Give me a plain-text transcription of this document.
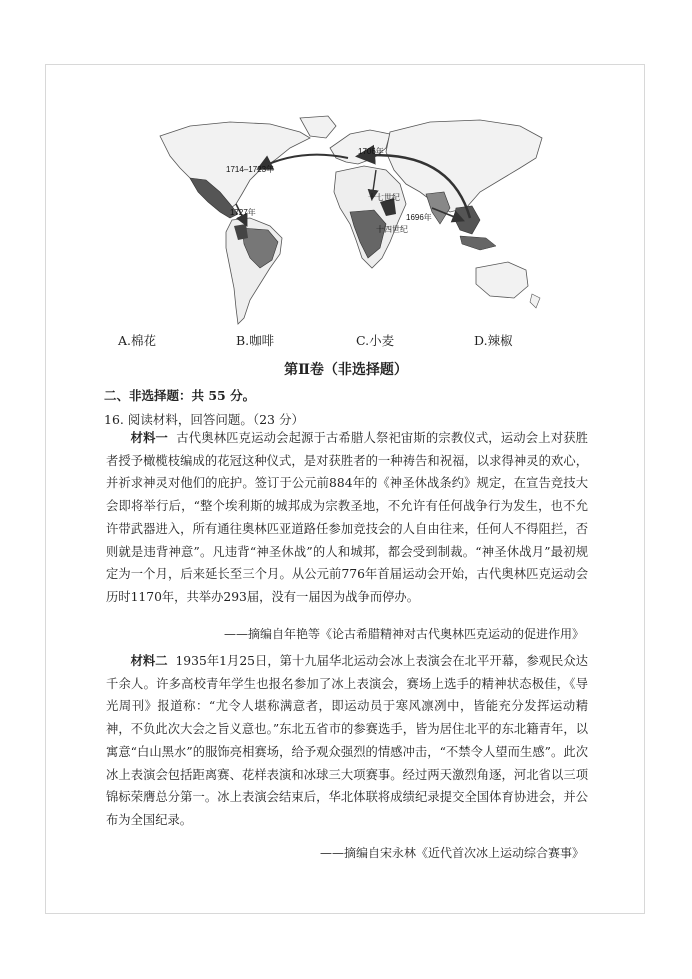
1706年
1714–1723年
1727年
十七世纪
十四世纪
1696年
A.棉花	B.咖啡	C.小麦	D.辣椒
第Ⅱ卷（非选择题）
二、非选择题：共 55 分。
16. 阅读材料，回答问题。（23 分）
材料一 古代奥林匹克运动会起源于古希腊人祭祀宙斯的宗教仪式，运动会上对获胜者授予橄榄枝编成的花冠这种仪式，是对获胜者的一种祷告和祝福，以求得神灵的欢心，并祈求神灵对他们的庇护。签订于公元前884年的《神圣休战条约》规定，在宣告竞技大会即将举行后，“整个埃利斯的城邦成为宗教圣地，不允许有任何战争行为发生，也不允许带武器进入，所有通往奥林匹亚道路任参加竞技会的人自由往来，任何人不得阻拦，否则就是违背神意”。凡违背“神圣休战”的人和城邦，都会受到制裁。“神圣休战月”最初规定为一个月，后来延长至三个月。从公元前776年首届运动会开始，古代奥林匹克运动会历时1170年，共举办293届，没有一届因为战争而停办。
——摘编自年艳等《论古希腊精神对古代奥林匹克运动的促进作用》
材料二 1935年1月25日，第十九届华北运动会冰上表演会在北平开幕，参观民众达千余人。许多高校青年学生也报名参加了冰上表演会，赛场上选手的精神状态极佳，《导光周刊》报道称：“尤令人堪称满意者，即运动员于寒风凛冽中，皆能充分发挥运动精神，不负此次大会之旨义意也。”东北五省市的参赛选手，皆为居住北平的东北籍青年，以寓意“白山黑水”的服饰亮相赛场，给予观众强烈的情感冲击，“不禁令人望而生感”。此次冰上表演会包括距离赛、花样表演和冰球三大项赛事。经过两天激烈角逐，河北省以三项锦标荣膺总分第一。冰上表演会结束后，华北体联将成绩纪录提交全国体育协进会，并公布为全国纪录。
——摘编自宋永林《近代首次冰上运动综合赛事》
